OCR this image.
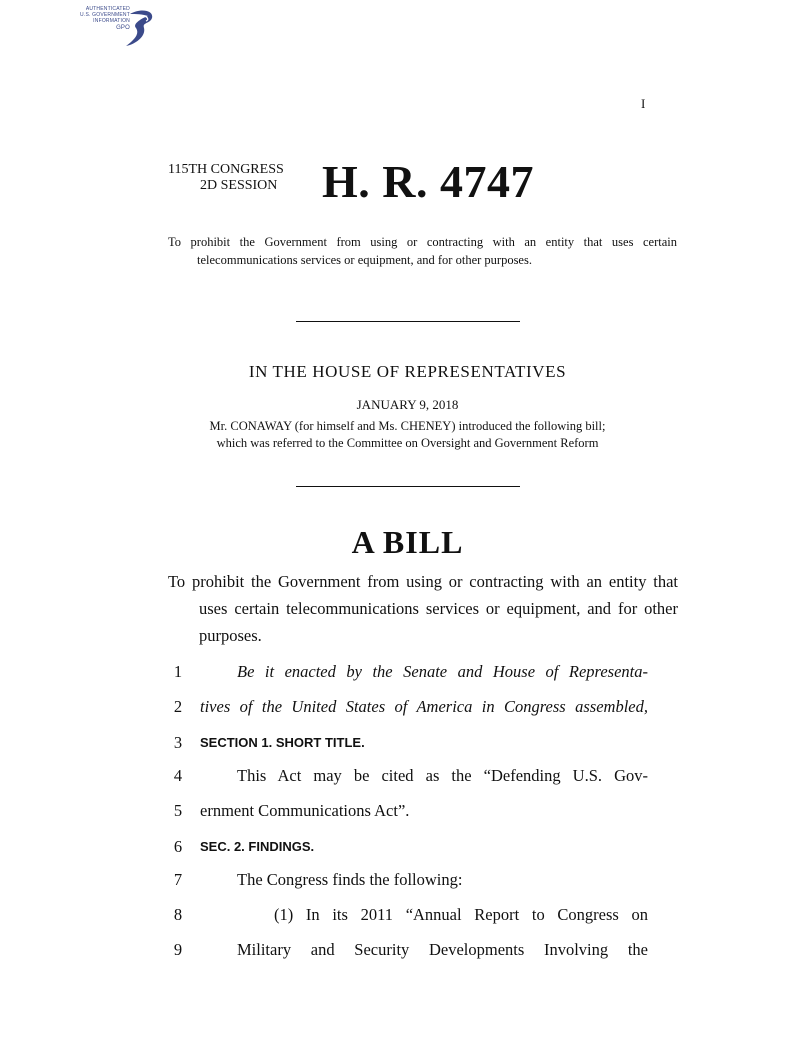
AUTHENTICATED
U.S. GOVERNMENT
INFORMATION
GPO
I
115TH CONGRESS
2D SESSION H. R. 4747
To prohibit the Government from using or contracting with an entity that uses certain telecommunications services or equipment, and for other purposes.
IN THE HOUSE OF REPRESENTATIVES
JANUARY 9, 2018
Mr. CONAWAY (for himself and Ms. CHENEY) introduced the following bill;
which was referred to the Committee on Oversight and Government Reform
A BILL
To prohibit the Government from using or contracting with an entity that uses certain telecommunications services or equipment, and for other purposes.
1	Be it enacted by the Senate and House of Representa-
2	tives of the United States of America in Congress assembled,
3	SECTION 1. SHORT TITLE.
4	This Act may be cited as the “Defending U.S. Gov-
5	ernment Communications Act”.
6	SEC. 2. FINDINGS.
7	The Congress finds the following:
8	(1) In its 2011 “Annual Report to Congress on
9	Military and Security Developments Involving the
